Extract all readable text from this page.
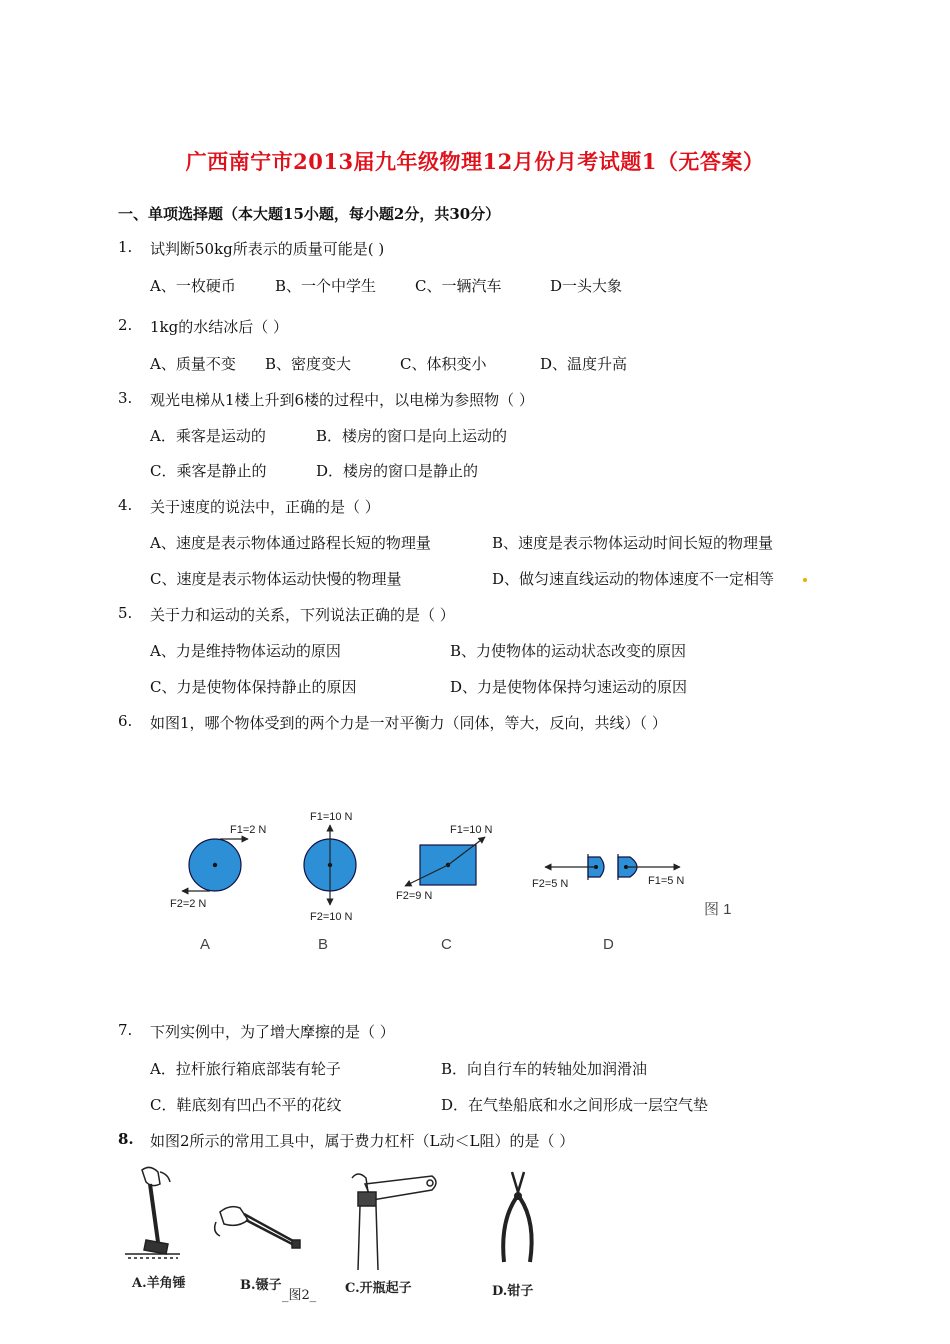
广西南宁市2013届九年级物理12月份月考试题1（无答案）
一、单项选择题（本大题15小题，每小题2分，共30分）
1. 试判断50kg所表示的质量可能是( )
A、一枚硬币	B、一个中学生	C、一辆汽车	D一头大象
2. 1kg的水结冰后（ ）
A、质量不变 B、密度变大	C、体积变小	D、温度升高
3. 观光电梯从1楼上升到6楼的过程中，以电梯为参照物（ ）
A．乘客是运动的	B．楼房的窗口是向上运动的
C．乘客是静止的	D．楼房的窗口是静止的
4. 关于速度的说法中，正确的是（ ）
A、速度是表示物体通过路程长短的物理量	B、速度是表示物体运动时间长短的物理量
C、速度是表示物体运动快慢的物理量	D、做匀速直线运动的物体速度不一定相等
5. 关于力和运动的关系，下列说法正确的是（ ）
A、力是维持物体运动的原因	B、力使物体的运动状态改变的原因
C、力是使物体保持静止的原因	D、力是使物体保持匀速运动的原因
6. 如图1，哪个物体受到的两个力是一对平衡力（同体，等大，反向，共线）（ ）
F1=2 N
F2=2 N
F1=10 N
F2=10 N
F1=10 N
F2=9 N
F2=5 N	F1=5 N
A	B	C	D
图 1
7. 下列实例中，为了增大摩擦的是（ ）
A．拉杆旅行箱底部装有轮子	B．向自行车的转轴处加润滑油
C．鞋底刻有凹凸不平的花纹	D．在气垫船底和水之间形成一层空气垫
8. 如图2所示的常用工具中，属于费力杠杆（L动＜L阻）的是（ ）
A.羊角锤	B.镊子	C.开瓶起子	D.钳子
_图2_
